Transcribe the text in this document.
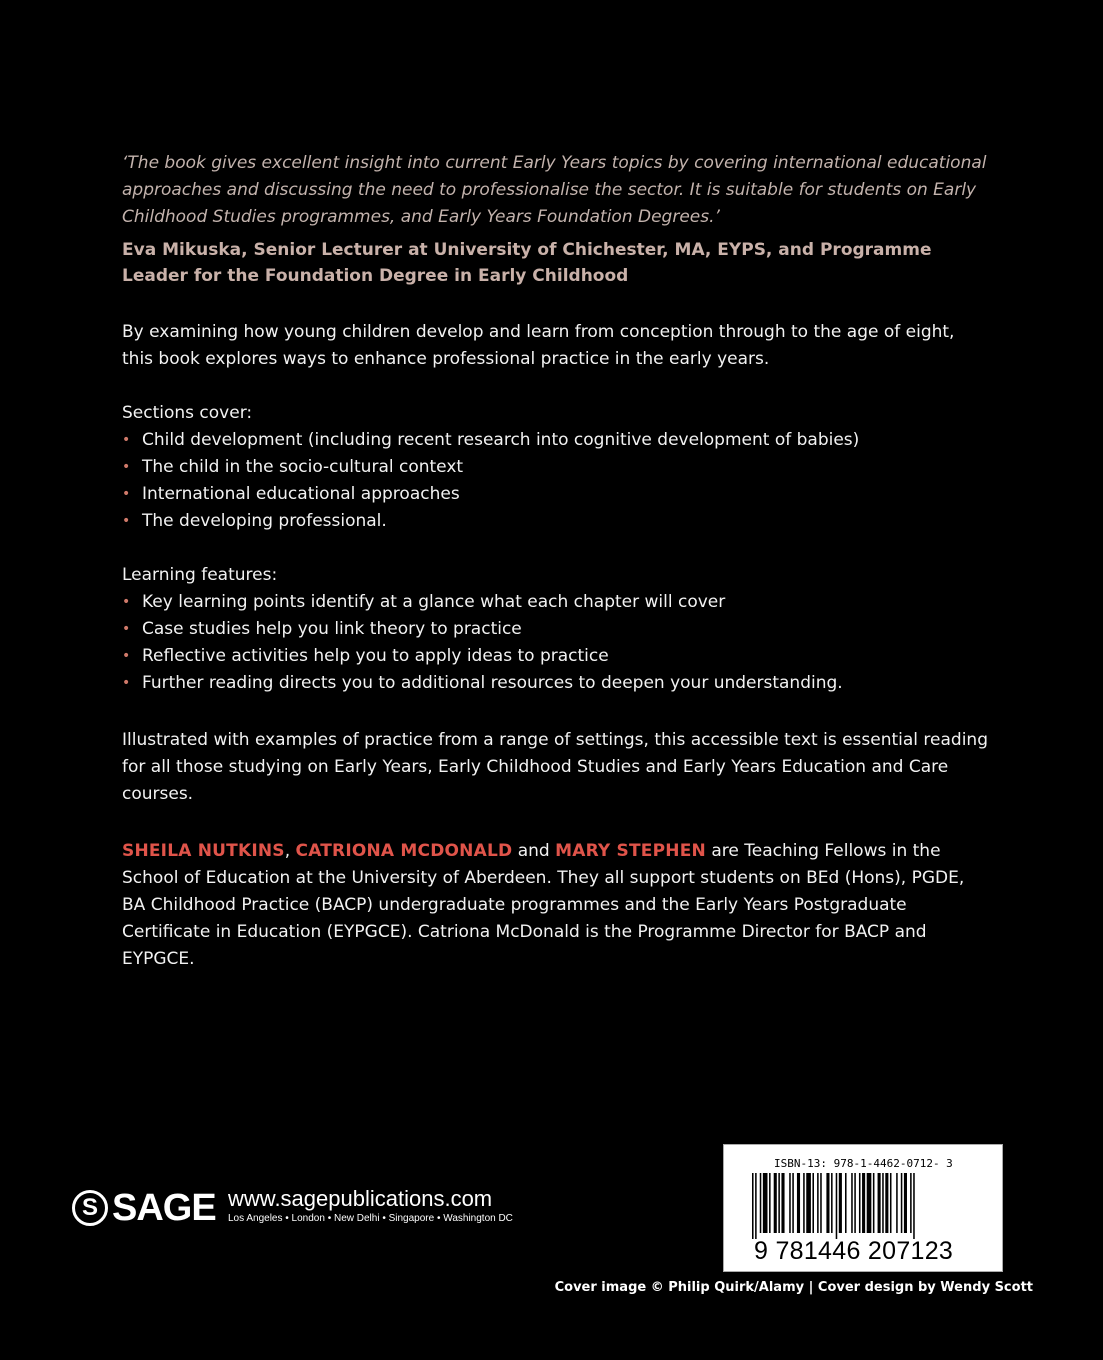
‘The book gives excellent insight into current Early Years topics by covering international educational approaches and discussing the need to professionalise the sector. It is suitable for students on Early Childhood Studies programmes, and Early Years Foundation Degrees.’

Eva Mikuska, Senior Lecturer at University of Chichester, MA, EYPS, and Programme Leader for the Foundation Degree in Early Childhood

By examining how young children develop and learn from conception through to the age of eight, this book explores ways to enhance professional practice in the early years.

Sections cover:

• Child development (including recent research into cognitive development of babies)
• The child in the socio-cultural context
• International educational approaches
• The developing professional.

Learning features:

• Key learning points identify at a glance what each chapter will cover
• Case studies help you link theory to practice
• Reflective activities help you to apply ideas to practice
• Further reading directs you to additional resources to deepen your understanding.

Illustrated with examples of practice from a range of settings, this accessible text is essential reading for all those studying on Early Years, Early Childhood Studies and Early Years Education and Care courses.

SHEILA NUTKINS, CATRIONA MCDONALD and MARY STEPHEN are Teaching Fellows in the School of Education at the University of Aberdeen. They all support students on BEd (Hons), PGDE, BA Childhood Practice (BACP) undergraduate programmes and the Early Years Postgraduate Certificate in Education (EYPGCE). Catriona McDonald is the Programme Director for BACP and EYPGCE.

S SAGE www.sagepublications.com
Los Angeles • London • New Delhi • Singapore • Washington DC
ISBN-13: 978-1-4462-0712- 3
9 781446 207123
Cover image © Philip Quirk/Alamy | Cover design by Wendy Scott
